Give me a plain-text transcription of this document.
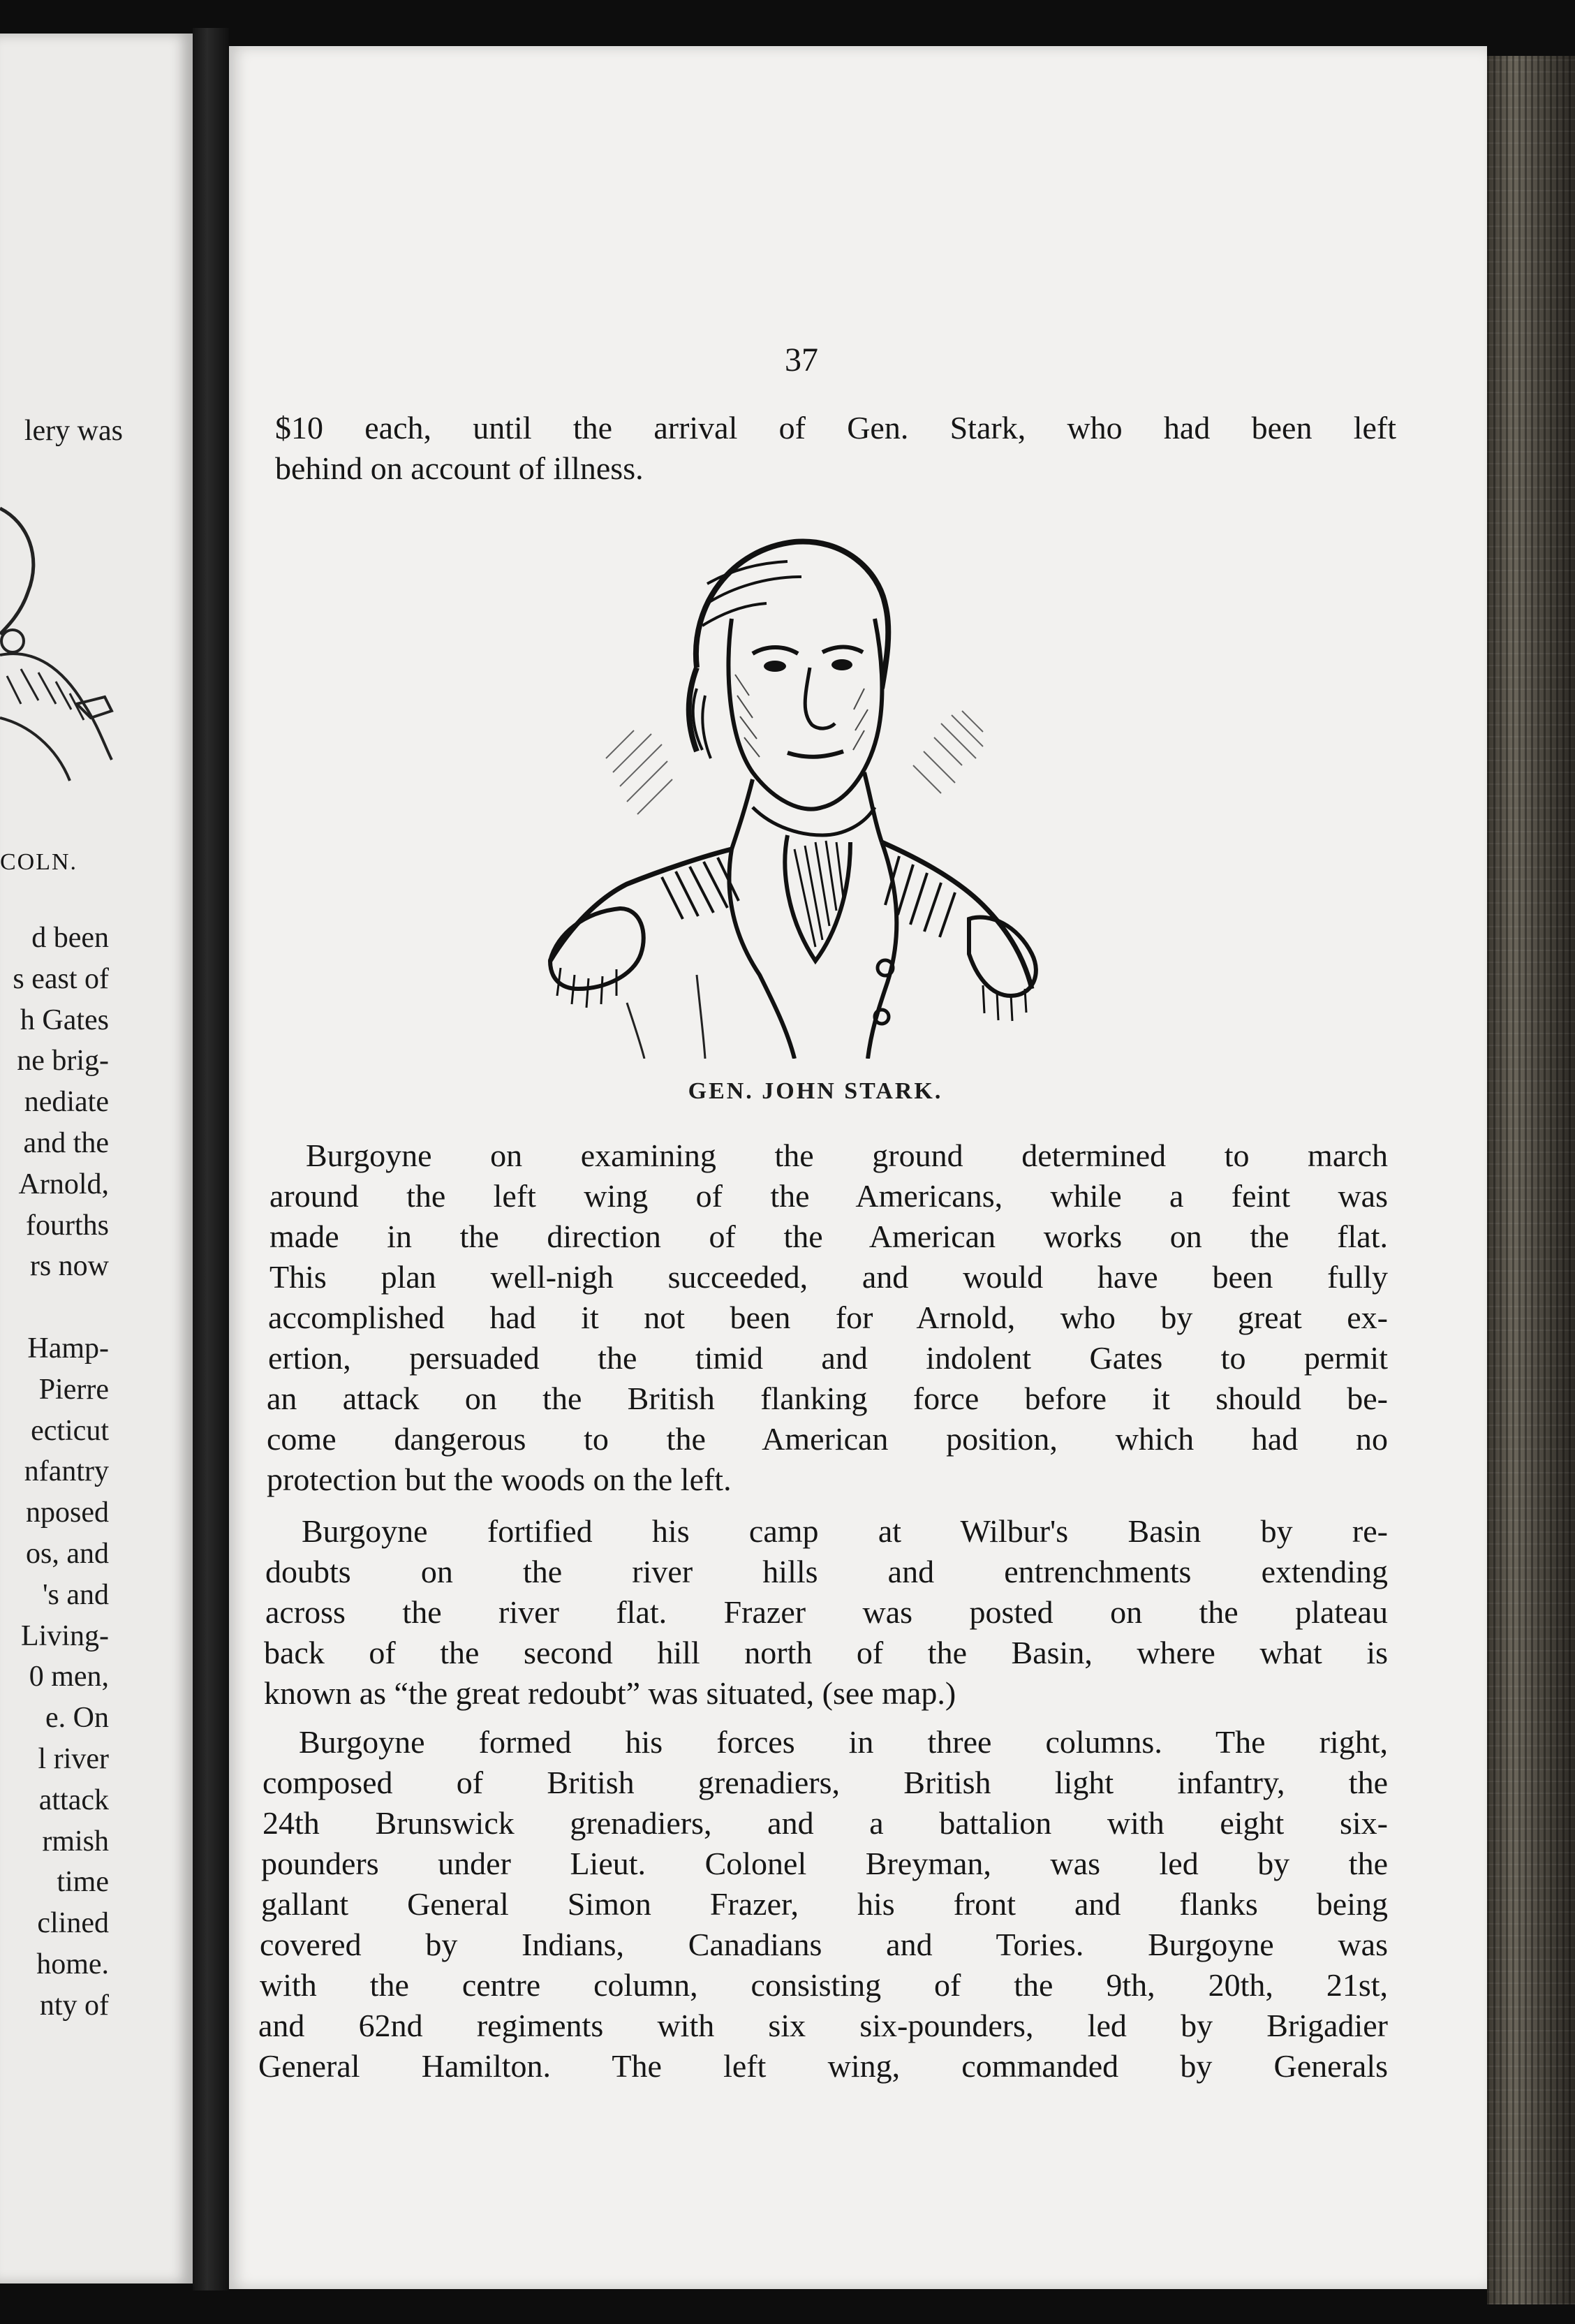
lery was
COLN.
d been
s east of
h Gates
ne brig-
nediate
and the
Arnold,
fourths
rs now
Hamp-
Pierre
ecticut
nfantry
nposed
os, and
's and
Living-
0 men,
e. On
l river
attack
rmish
time
clined
home.
nty of
37
$10 each, until the arrival of Gen. Stark, who had been left
behind on account of illness.
GEN. JOHN STARK.
Burgoyne on examining the ground determined to march
around the left wing of the Americans, while a feint was
made in the direction of the American works on the flat.
This plan well-nigh succeeded, and would have been fully
accomplished had it not been for Arnold, who by great ex-
ertion, persuaded the timid and indolent Gates to permit
an attack on the British flanking force before it should be-
come dangerous to the American position, which had no
protection but the woods on the left.
Burgoyne fortified his camp at Wilbur's Basin by re-
doubts on the river hills and entrenchments extending
across the river flat. Frazer was posted on the plateau
back of the second hill north of the Basin, where what is
known as “the great redoubt” was situated, (see map.)
Burgoyne formed his forces in three columns. The right,
composed of British grenadiers, British light infantry, the
24th Brunswick grenadiers, and a battalion with eight six-
pounders under Lieut. Colonel Breyman, was led by the
gallant General Simon Frazer, his front and flanks being
covered by Indians, Canadians and Tories. Burgoyne was
with the centre column, consisting of the 9th, 20th, 21st,
and 62nd regiments with six six-pounders, led by Brigadier
General Hamilton. The left wing, commanded by Generals
